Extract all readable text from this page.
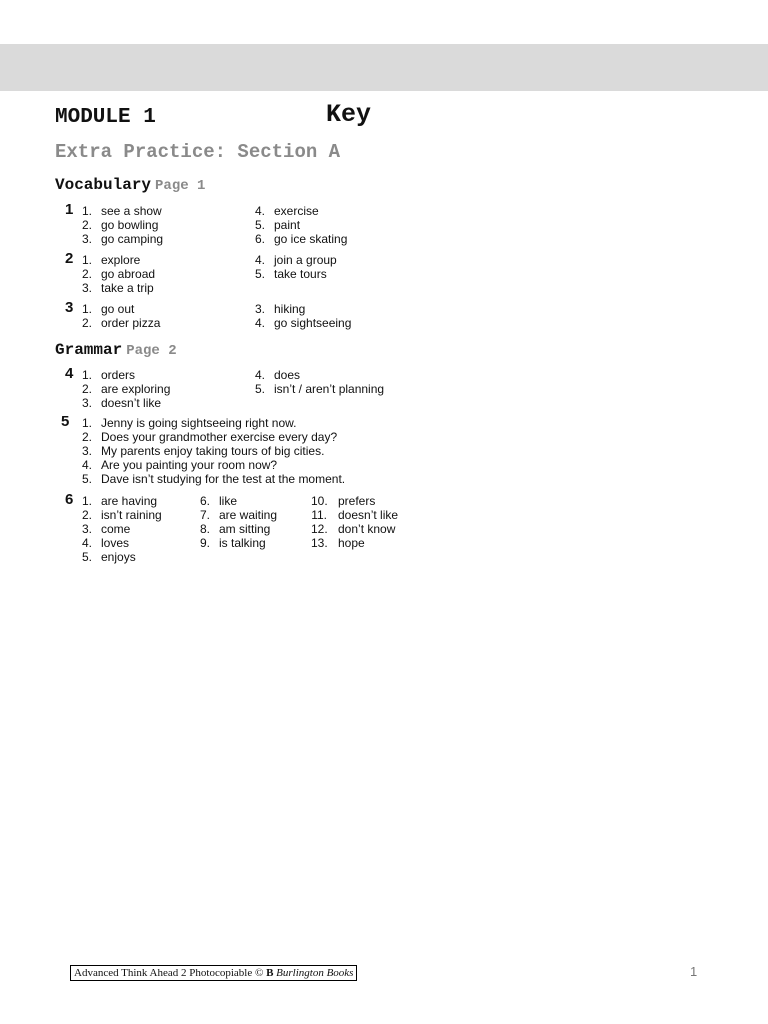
MODULE 1	Key
Extra Practice: Section A
Vocabulary Page 1
Grammar Page 2
1 1. see a show
2. go bowling
3. go camping
4. exercise
5. paint
6. go ice skating
2 1. explore
2. go abroad
3. take a trip
4. join a group
5. take tours
3 1. go out
2. order pizza
3. hiking
4. go sightseeing
4 1. orders
2. are exploring
3. doesn’t like
4. does
5. isn’t / aren’t planning
5 1. Jenny is going sightseeing right now.
2. Does your grandmother exercise every day?
3. My parents enjoy taking tours of big cities.
4. Are you painting your room now?
5. Dave isn’t studying for the test at the moment.
6 1. are having
2. isn’t raining
3. come
4. loves
5. enjoys
6. like
7. are waiting
8. am sitting
9. is talking
10. prefers
11. doesn’t like
12. don’t know
13. hope
Advanced Think Ahead 2 Photocopiable © B Burlington Books	1
